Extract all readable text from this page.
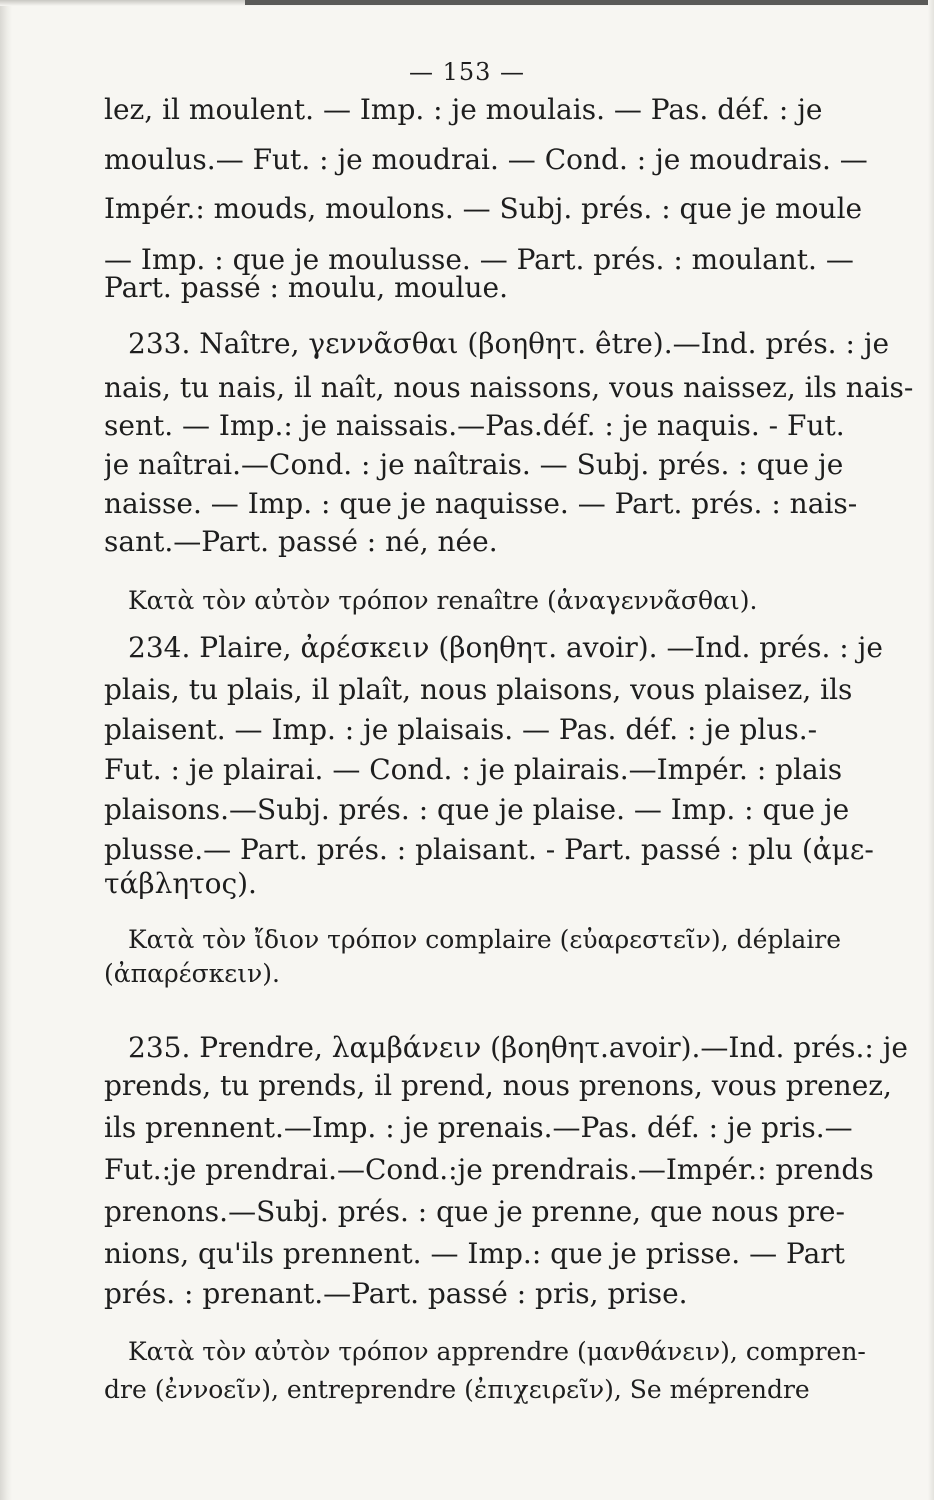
— 153 —
lez, il moulent. — Imp. : je moulais. — Pas. déf. : je
moulus.— Fut. : je moudrai. — Cond. : je moudrais. —
Impér.: mouds, moulons. — Subj. prés. : que je moule
— Imp. : que je moulusse. — Part. prés. : moulant. —
Part. passé : moulu, moulue.
233. Naître, γεννᾶσθαι (βοηθητ. être).—Ind. prés. : je
nais, tu nais, il naît, nous naissons, vous naissez, ils nais-
sent. — Imp.: je naissais.—Pas.déf. : je naquis. - Fut.
je naîtrai.—Cond. : je naîtrais. — Subj. prés. : que je
naisse. — Imp. : que je naquisse. — Part. prés. : nais-
sant.—Part. passé : né, née.
Κατὰ τὸν αὐτὸν τρόπον renaître (ἀναγεννᾶσθαι).
234. Plaire, ἀρέσκειν (βοηθητ. avoir). —Ind. prés. : je
plais, tu plais, il plaît, nous plaisons, vous plaisez, ils
plaisent. — Imp. : je plaisais. — Pas. déf. : je plus.-
Fut. : je plairai. — Cond. : je plairais.—Impér. : plais
plaisons.—Subj. prés. : que je plaise. — Imp. : que je
plusse.— Part. prés. : plaisant. - Part. passé : plu (ἀμε-
τάβλητος).
Κατὰ τὸν ἴδιον τρόπον complaire (εὐαρεστεῖν), déplaire
(ἀπαρέσκειν).
235. Prendre, λαμβάνειν (βοηθητ.avoir).—Ind. prés.: je
prends, tu prends, il prend, nous prenons, vous prenez,
ils prennent.—Imp. : je prenais.—Pas. déf. : je pris.—
Fut.:je prendrai.—Cond.:je prendrais.—Impér.: prends
prenons.—Subj. prés. : que je prenne, que nous pre-
nions, qu'ils prennent. — Imp.: que je prisse. — Part
prés. : prenant.—Part. passé : pris, prise.
Κατὰ τὸν αὐτὸν τρόπον apprendre (μανθάνειν), compren-
dre (ἐννοεῖν), entreprendre (ἐπιχειρεῖν), Se méprendre
